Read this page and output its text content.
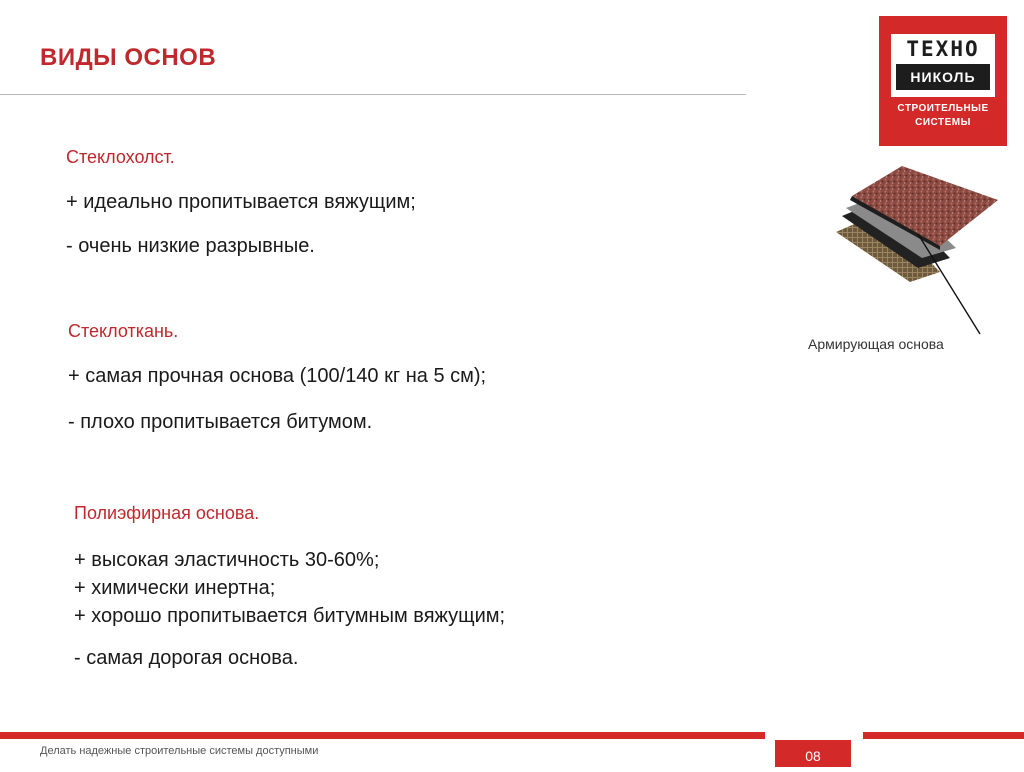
ВИДЫ ОСНОВ	ТЕХНО
НИКОЛЬ
СТРОИТЕЛЬНЫЕ
СИСТЕМЫ
Стеклохолст.
+ идеально пропитывается вяжущим;
- очень низкие разрывные.
Стеклоткань.
+ самая прочная основа (100/140 кг на 5 см);
- плохо пропитывается битумом.
Полиэфирная основа.
+ высокая эластичность 30-60%;
+ химически инертна;
+ хорошо пропитывается битумным вяжущим;
- самая дорогая основа.
Армирующая основа
Делать надежные строительные системы доступными	08
